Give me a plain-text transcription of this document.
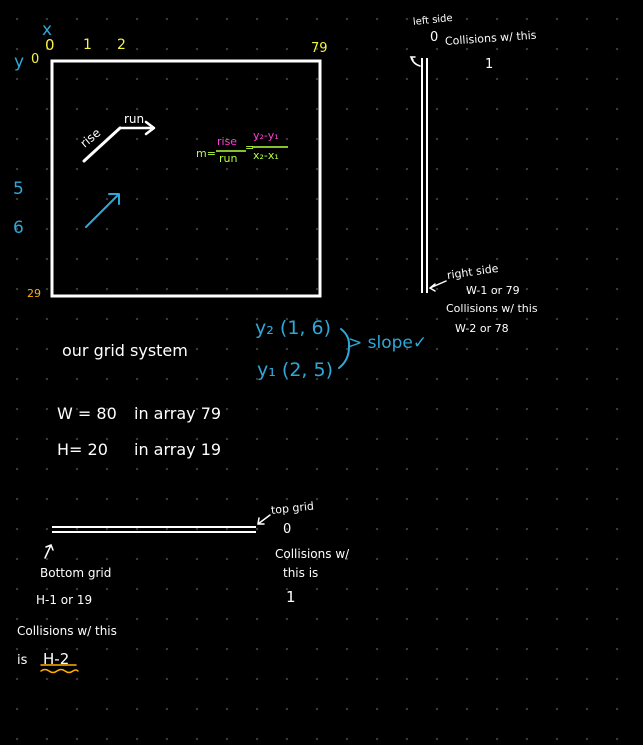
x
0 1 2	79
y 0
5
6
29
rise
run
m=
rise
run
=
y₂-y₁
x₂-x₁
our grid system
y₂ (1, 6)
y₁ (2, 5)
> slope✓
W = 80 in array 79
H= 20 in array 19
left side
0 Collisions w/ this
1
right side
W-1 or 79
Collisions w/ this
W-2 or 78
top grid
0
Collisions w/
this is
1
Bottom grid
H-1 or 19
Collisions w/ this
is H-2
